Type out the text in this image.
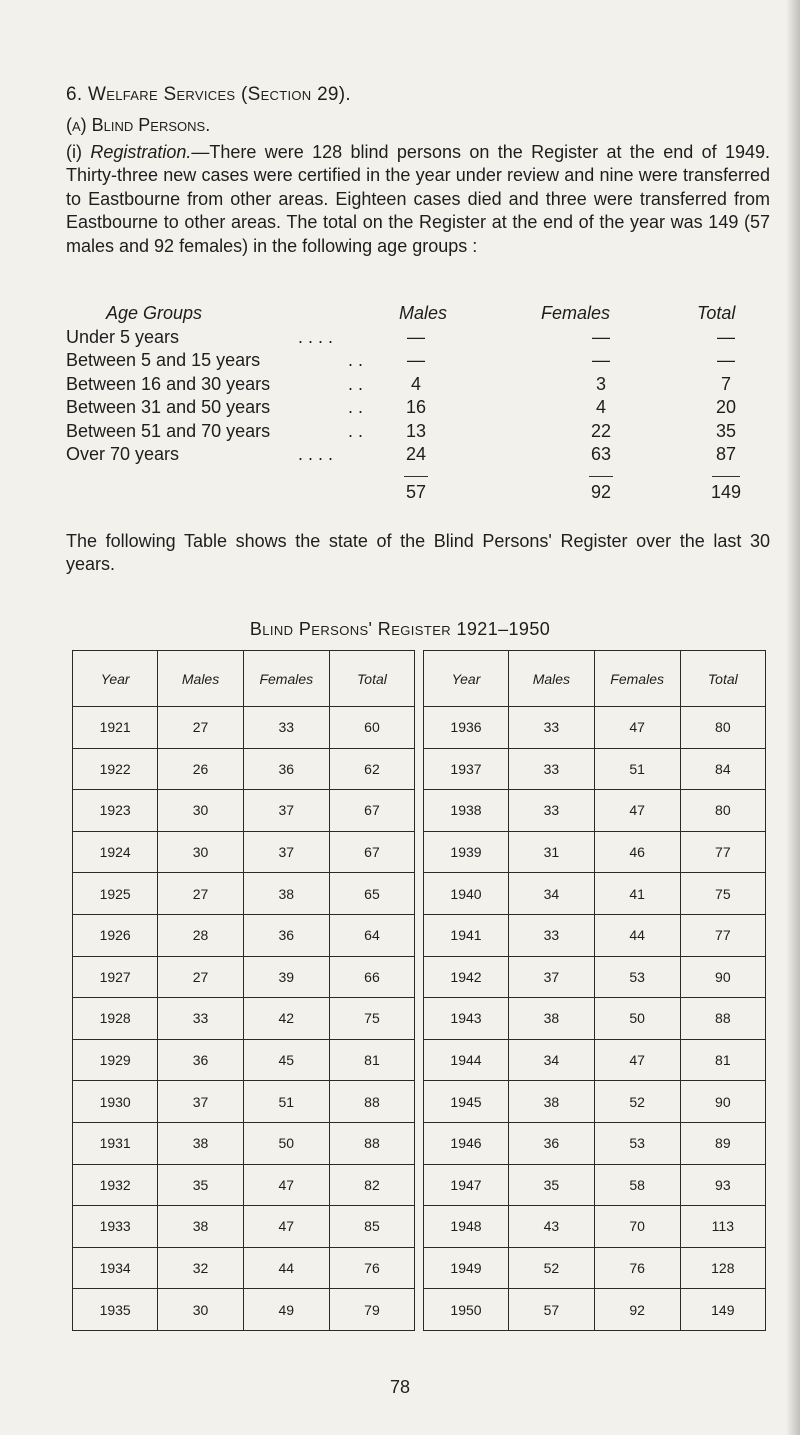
6. Welfare Services (Section 29).
(a) Blind Persons.
(i) Registration.—There were 128 blind persons on the Register at the end of 1949. Thirty-three new cases were certified in the year under review and nine were transferred to Eastbourne from other areas. Eighteen cases died and three were transferred from Eastbourne to other areas. The total on the Register at the end of the year was 149 (57 males and 92 females) in the following age groups :
Age Groups	Males	Females	Total
Under 5 years	. . . .	—	—	—
Between 5 and 15 years	. .	—	—	—
Between 16 and 30 years	. .	4	3	7
Between 31 and 50 years	. .	16	4	20
Between 51 and 70 years	. .	13	22	35
Over 70 years	. . . .	24	63	87
57	92	149
The following Table shows the state of the Blind Persons' Register over the last 30 years.
Blind Persons' Register 1921–1950
Year	Males	Females	Total		Year	Males	Females	Total
1921	27	33	60		1936	33	47	80
1922	26	36	62		1937	33	51	84
1923	30	37	67		1938	33	47	80
1924	30	37	67		1939	31	46	77
1925	27	38	65		1940	34	41	75
1926	28	36	64		1941	33	44	77
1927	27	39	66		1942	37	53	90
1928	33	42	75		1943	38	50	88
1929	36	45	81		1944	34	47	81
1930	37	51	88		1945	38	52	90
1931	38	50	88		1946	36	53	89
1932	35	47	82		1947	35	58	93
1933	38	47	85		1948	43	70	113
1934	32	44	76		1949	52	76	128
1935	30	49	79		1950	57	92	149
78
